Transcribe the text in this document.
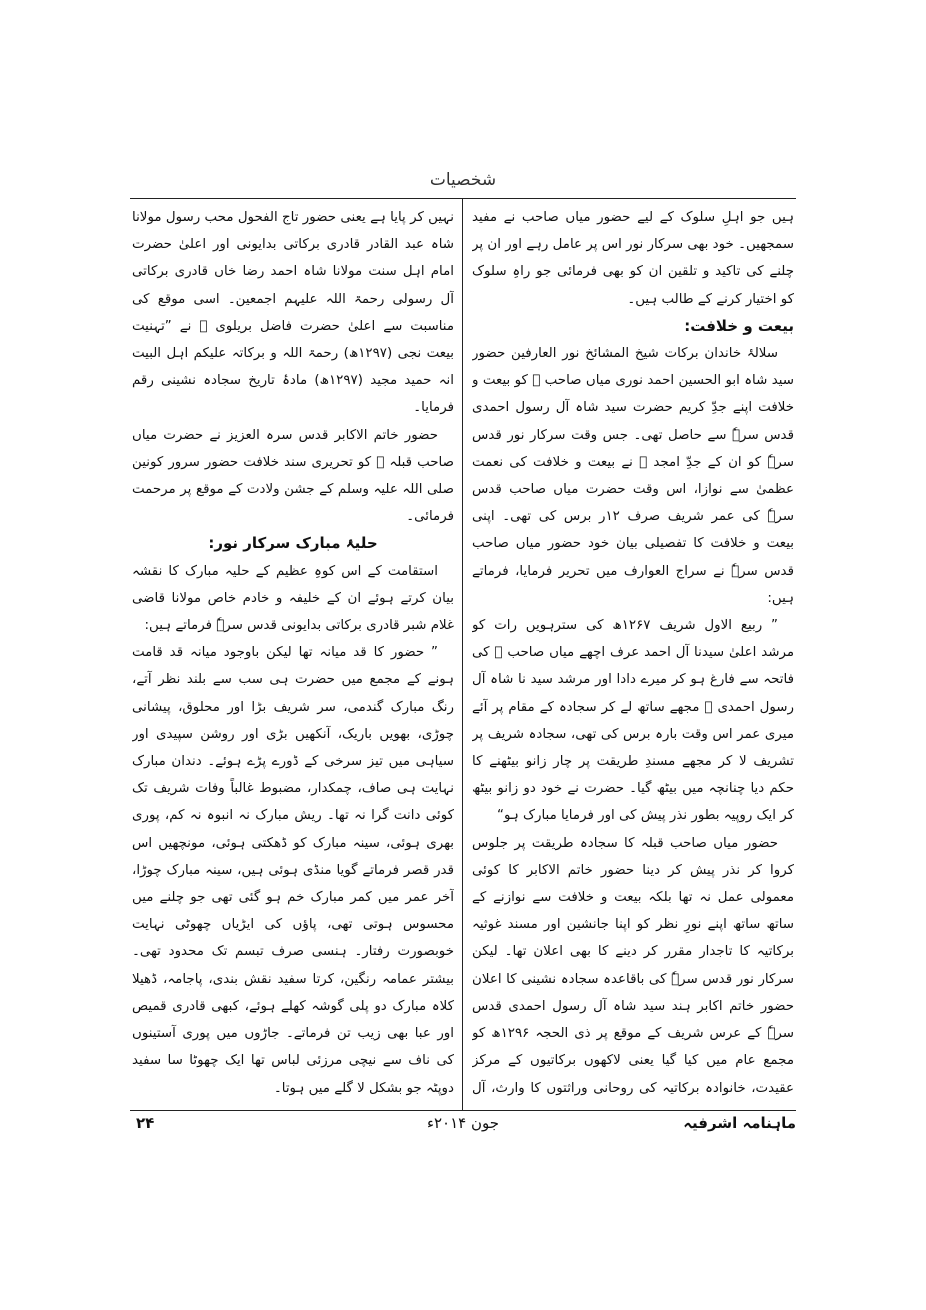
شخصیات

ہیں جو اہلِ سلوک کے لیے حضور میاں صاحب نے مفید سمجھیں۔ خود بھی سرکار نور اس پر عامل رہے اور ان پر چلنے کی تاکید و تلقین ان کو بھی فرمائی جو راہِ سلوک کو اختیار کرنے کے طالب ہیں۔

بیعت و خلافت:

سلالۂ خاندان برکات شیخ المشائخ نور العارفین حضور سید شاہ ابو الحسین احمد نوری میاں صاحب ﷫ کو بیعت و خلافت اپنے جدِّ کریم حضرت سید شاہ آل رسول احمدی قدس سرہٗ سے حاصل تھی۔ جس وقت سرکار نور قدس سرہٗ کو ان کے جدِّ امجد ﷫ نے بیعت و خلافت کی نعمت عظمیٰ سے نوازا، اس وقت حضرت میاں صاحب قدس سرہٗ کی عمر شریف صرف ۱۲ر برس کی تھی۔ اپنی بیعت و خلافت کا تفصیلی بیان خود حضور میاں صاحب قدس سرہٗ نے سراج العوارف میں تحریر فرمایا، فرماتے ہیں:

” ربیع الاول شریف ۱۲۶۷ھ کی سترہویں رات کو مرشد اعلیٰ سیدنا آل احمد عرف اچھے میاں صاحب ﷜ کی فاتحہ سے فارغ ہو کر میرے دادا اور مرشد سید نا شاہ آل رسول احمدی ﷜ مجھے ساتھ لے کر سجادہ کے مقام پر آئے میری عمر اس وقت بارہ برس کی تھی، سجادہ شریف پر تشریف لا کر مجھے مسندِ طریقت پر چار زانو بیٹھنے کا حکم دیا چنانچہ میں بیٹھ گیا۔ حضرت نے خود دو زانو بیٹھ کر ایک روپیہ بطور نذر پیش کی اور فرمایا مبارک ہو“

حضور میاں صاحب قبلہ کا سجادہ طریقت پر جلوس کروا کر نذر پیش کر دینا حضور خاتم الاکابر کا کوئی معمولی عمل نہ تھا بلکہ بیعت و خلافت سے نوازنے کے ساتھ ساتھ اپنے نورِ نظر کو اپنا جانشین اور مسند غوثیہ برکاتیہ کا تاجدار مقرر کر دینے کا بھی اعلان تھا۔ لیکن سرکار نور قدس سرہٗ کی باقاعدہ سجادہ نشینی کا اعلان حضور خاتم اکابر ہند سید شاہ آل رسول احمدی قدس سرہٗ کے عرس شریف کے موقع پر ذی الحجہ ۱۲۹۶ھ کو مجمع عام میں کیا گیا یعنی لاکھوں برکاتیوں کے مرکز عقیدت، خانوادہ برکاتیہ کی روحانی وراثتوں کا وارث، آل

نہیں کر پایا ہے یعنی حضور تاج الفحول محب رسول مولانا شاہ عبد القادر قادری برکاتی بدایونی اور اعلیٰ حضرت امام اہل سنت مولانا شاہ احمد رضا خاں قادری برکاتی آل رسولی رحمۃ اللہ علیہم اجمعین۔ اسی موقع کی مناسبت سے اعلیٰ حضرت فاضل بریلوی ﷫ نے ”تہنیت بیعت نجی (۱۲۹۷ھ) رحمۃ اللہ و برکاتہ علیکم اہل البیت انہ حمید مجید (۱۲۹۷ھ) مادۂ تاریخ سجادہ نشینی رقم فرمایا۔

حضور خاتم الاکابر قدس سرہ العزیز نے حضرت میاں صاحب قبلہ ﷫ کو تحریری سند خلافت حضور سرور کونین صلی اللہ علیہ وسلم کے جشن ولادت کے موقع پر مرحمت فرمائی۔

حلیۂ مبارک سرکار نور:

استقامت کے اس کوہِ عظیم کے حلیہ مبارک کا نقشہ بیان کرتے ہوئے ان کے خلیفہ و خادم خاص مولانا قاضی غلام شبر قادری برکاتی بدایونی قدس سرہٗ فرماتے ہیں:

” حضور کا قد میانہ تھا لیکن باوجود میانہ قد قامت ہونے کے مجمع میں حضرت ہی سب سے بلند نظر آتے، رنگ مبارک گندمی، سر شریف بڑا اور محلوق، پیشانی چوڑی، بھویں باریک، آنکھیں بڑی اور روشن سپیدی اور سیاہی میں تیز سرخی کے ڈورے پڑے ہوئے۔ دندان مبارک نہایت ہی صاف، چمکدار، مضبوط غالباً وفات شریف تک کوئی دانت گرا نہ تھا۔ ریش مبارک نہ انبوہ نہ کم، پوری بھری ہوئی، سینہ مبارک کو ڈھکتی ہوئی، مونچھیں اس قدر قصر فرماتے گویا منڈی ہوئی ہیں، سینہ مبارک چوڑا، آخر عمر میں کمر مبارک خم ہو گئی تھی جو چلنے میں محسوس ہوتی تھی، پاؤں کی ایڑیاں چھوٹی نہایت خوبصورت رفتار۔ ہنسی صرف تبسم تک محدود تھی۔ بیشتر عمامہ رنگین، کرتا سفید نقش بندی، پاجامہ، ڈھیلا کلاہ مبارک دو پلی گوشہ کھلے ہوئے، کبھی قادری قمیص اور عبا بھی زیب تن فرماتے۔ جاڑوں میں پوری آستینوں کی ناف سے نیچی مرزئی لباس تھا ایک چھوٹا سا سفید دوپٹہ جو بشکل لا گلے میں ہوتا۔

ماہنامہ اشرفیہ
جون ۲۰۱۴ء
۲۴
